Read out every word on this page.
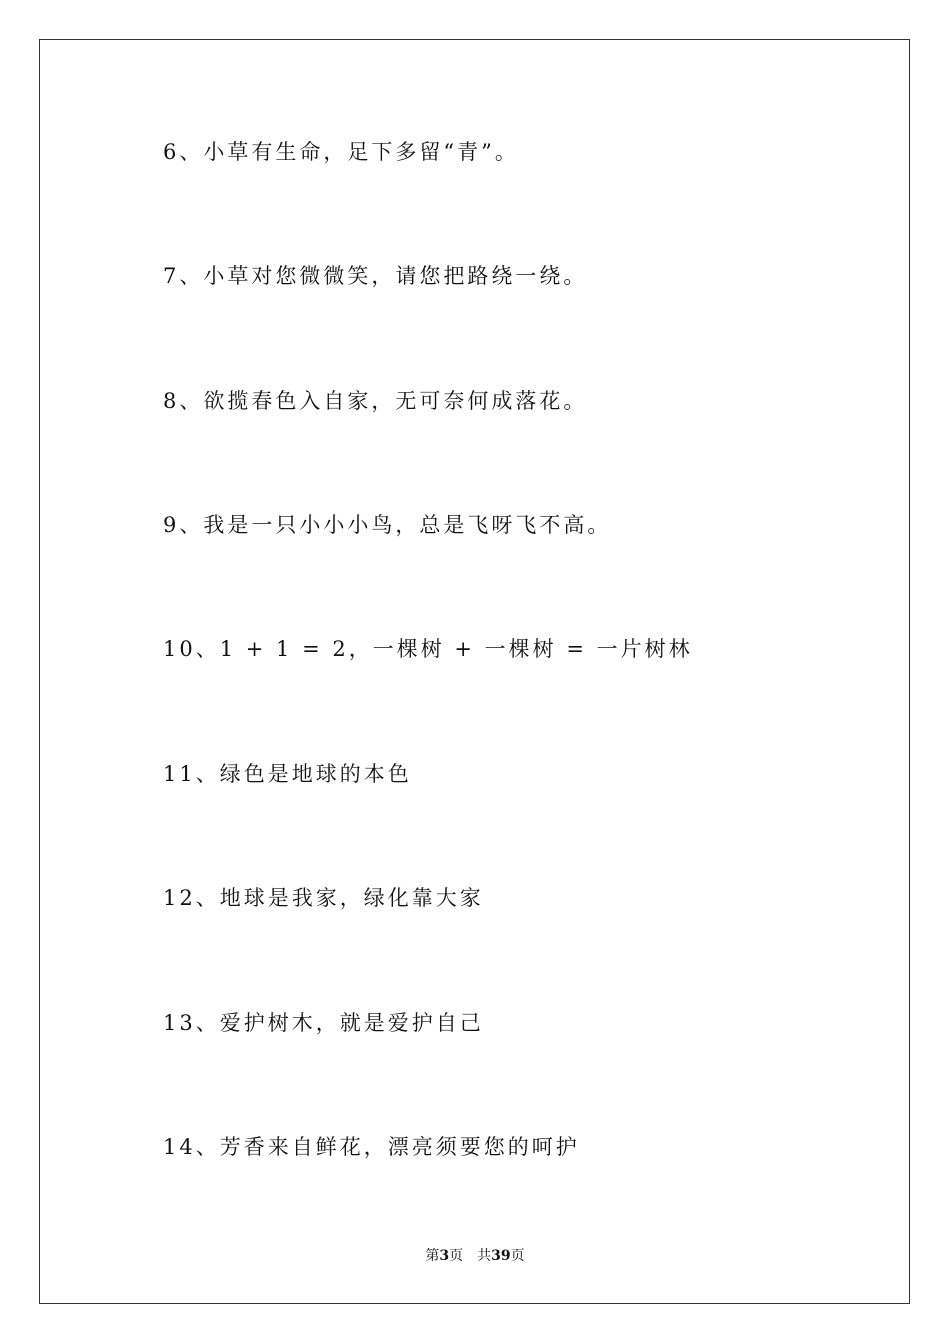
6、小草有生命，足下多留“青”。
7、小草对您微微笑，请您把路绕一绕。
8、欲揽春色入自家，无可奈何成落花。
9、我是一只小小小鸟，总是飞呀飞不高。
10、1 + 1 = 2，一棵树 + 一棵树 = 一片树林
11、绿色是地球的本色
12、地球是我家，绿化靠大家
13、爱护树木，就是爱护自己
14、芳香来自鲜花，漂亮须要您的呵护
第3页 共39页
